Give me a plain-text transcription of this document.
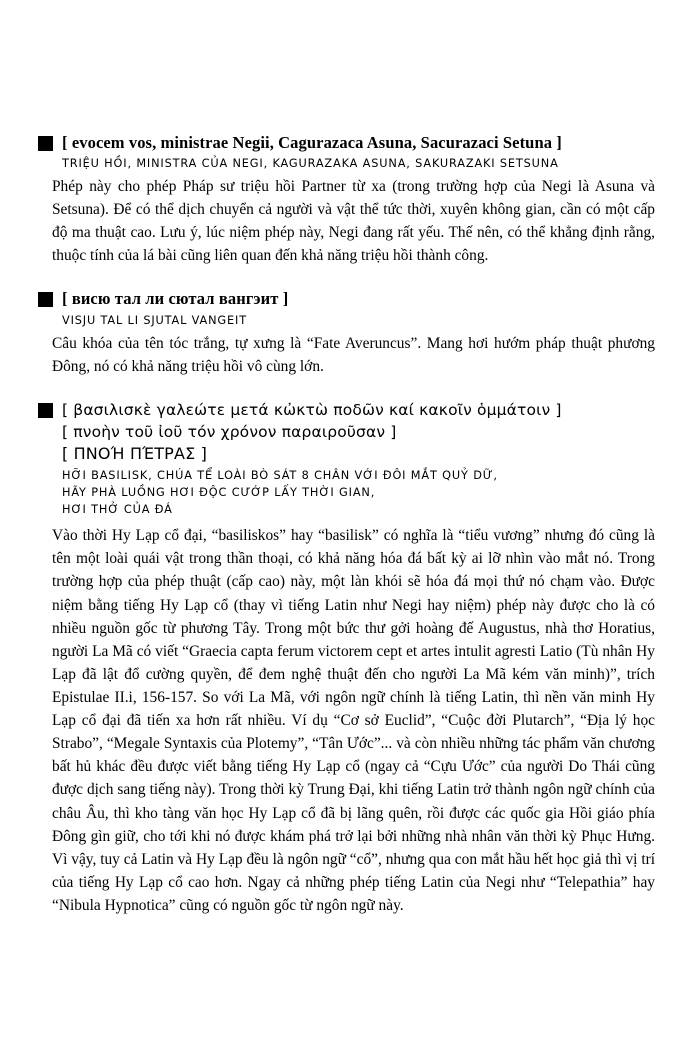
[ evocem vos, ministrae Negii, Cagurazaca Asuna, Sacurazaci Setuna ]
TRIỆU HỒI, MINISTRA CỦA NEGI, KAGURAZAKA ASUNA, SAKURAZAKI SETSUNA

Phép này cho phép Pháp sư triệu hồi Partner từ xa (trong trường hợp của Negi là Asuna và Setsuna). Để có thể dịch chuyển cả người và vật thể tức thời, xuyên không gian, cần có một cấp độ ma thuật cao. Lưu ý, lúc niệm phép này, Negi đang rất yếu. Thế nên, có thể khẳng định rằng, thuộc tính của lá bài cũng liên quan đến khả năng triệu hồi thành công.

[ висю тал ли сютал вангэит ]
VISJU TAL LI SJUTAL VANGEIT

Câu khóa của tên tóc trắng, tự xưng là “Fate Averuncus”. Mang hơi hướm pháp thuật phương Đông, nó có khả năng triệu hồi vô cùng lớn.

[ βασιλισκὲ γαλεώτε μετά κὠκτὼ ποδῶν καί κακοῖν ὁμμάτοιν ]
[ πνοὴν τοῦ ἰοῦ τόν χρόνον παραιροῦσαν ]
[ ΠΝΟΉ ΠΈΤΡΑΣ ]
HỠI BASILISK, CHÚA TỂ LOÀI BÒ SÁT 8 CHÂN VỚI ĐÔI MẮT QUỶ DỮ,
HÃY PHÀ LUỒNG HƠI ĐỘC CƯỚP LẤY THỜI GIAN,
HƠI THỞ CỦA ĐÁ

Vào thời Hy Lạp cổ đại, “basiliskos” hay “basilisk” có nghĩa là “tiểu vương” nhưng đó cũng là tên một loài quái vật trong thần thoại, có khả năng hóa đá bất kỳ ai lỡ nhìn vào mắt nó. Trong trường hợp của phép thuật (cấp cao) này, một làn khói sẽ hóa đá mọi thứ nó chạm vào. Được niệm bằng tiếng Hy Lạp cổ (thay vì tiếng Latin như Negi hay niệm) phép này được cho là có nhiều nguồn gốc từ phương Tây. Trong một bức thư gởi hoàng đế Augustus, nhà thơ Horatius, người La Mã có viết “Graecia capta ferum victorem cept et artes intulit agresti Latio (Tù nhân Hy Lạp đã lật đổ cường quyền, để đem nghệ thuật đến cho người La Mã kém văn minh)”, trích Epistulae II.i, 156-157. So với La Mã, với ngôn ngữ chính là tiếng Latin, thì nền văn minh Hy Lạp cổ đại đã tiến xa hơn rất nhiều. Ví dụ “Cơ sở Euclid”, “Cuộc đời Plutarch”, “Địa lý học Strabo”, “Megale Syntaxis của Plotemy”, “Tân Ước”... và còn nhiều những tác phẩm văn chương bất hủ khác đều được viết bằng tiếng Hy Lạp cổ (ngay cả “Cựu Ước” của người Do Thái cũng được dịch sang tiếng này). Trong thời kỳ Trung Đại, khi tiếng Latin trở thành ngôn ngữ chính của châu Âu, thì kho tàng văn học Hy Lạp cổ đã bị lãng quên, rồi được các quốc gia Hồi giáo phía Đông gìn giữ, cho tới khi nó được khám phá trở lại bởi những nhà nhân văn thời kỳ Phục Hưng. Vì vậy, tuy cả Latin và Hy Lạp đều là ngôn ngữ “cổ”, nhưng qua con mắt hầu hết học giả thì vị trí của tiếng Hy Lạp cổ cao hơn. Ngay cả những phép tiếng Latin của Negi như “Telepathia” hay “Nibula Hypnotica” cũng có nguồn gốc từ ngôn ngữ này.
